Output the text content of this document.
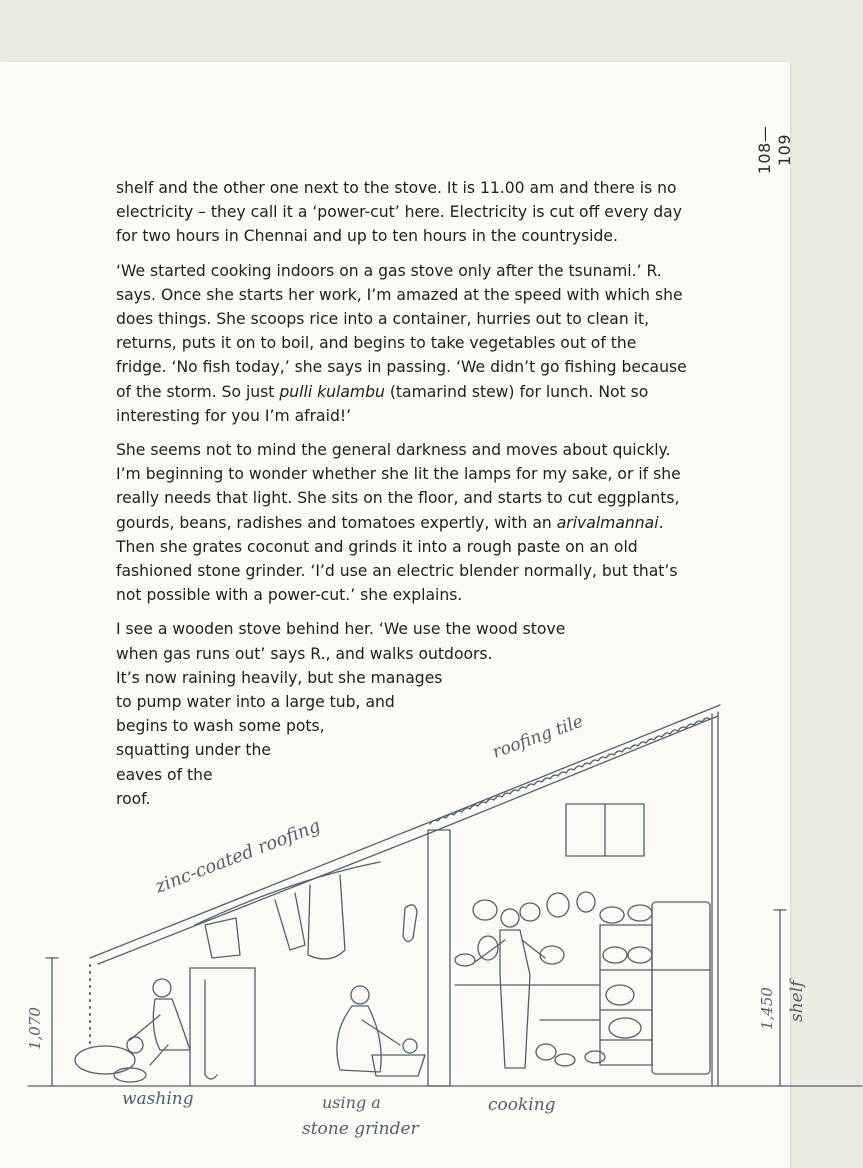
108—109

shelf and the other one next to the stove. It is 11.00 am and there is no electricity – they call it a ‘power-cut’ here. Electricity is cut off every day for two hours in Chennai and up to ten hours in the countryside.

‘We started cooking indoors on a gas stove only after the tsunami.’ R. says. Once she starts her work, I’m amazed at the speed with which she does things. She scoops rice into a container, hurries out to clean it, returns, puts it on to boil, and begins to take vegetables out of the fridge. ‘No fish today,’ she says in passing. ‘We didn’t go fishing because of the storm. So just pulli kulambu (tamarind stew) for lunch. Not so interesting for you I’m afraid!’

She seems not to mind the general darkness and moves about quickly. I’m beginning to wonder whether she lit the lamps for my sake, or if she really needs that light. She sits on the floor, and starts to cut eggplants, gourds, beans, radishes and tomatoes expertly, with an arivalmannai. Then she grates coconut and grinds it into a rough paste on an old fashioned stone grinder. ‘I’d use an electric blender normally, but that’s not possible with a power-cut.’ she explains.

I see a wooden stove behind her. ‘We use the wood stove
when gas runs out’ says R., and walks outdoors.
It’s now raining heavily, but she manages
to pump water into a large tub, and
begins to wash some pots,
squatting under the
eaves of the
roof.

roofing tile
zinc-coated roofing
1,070	1,450 shelf
washing	using a
stone grinder
cooking
